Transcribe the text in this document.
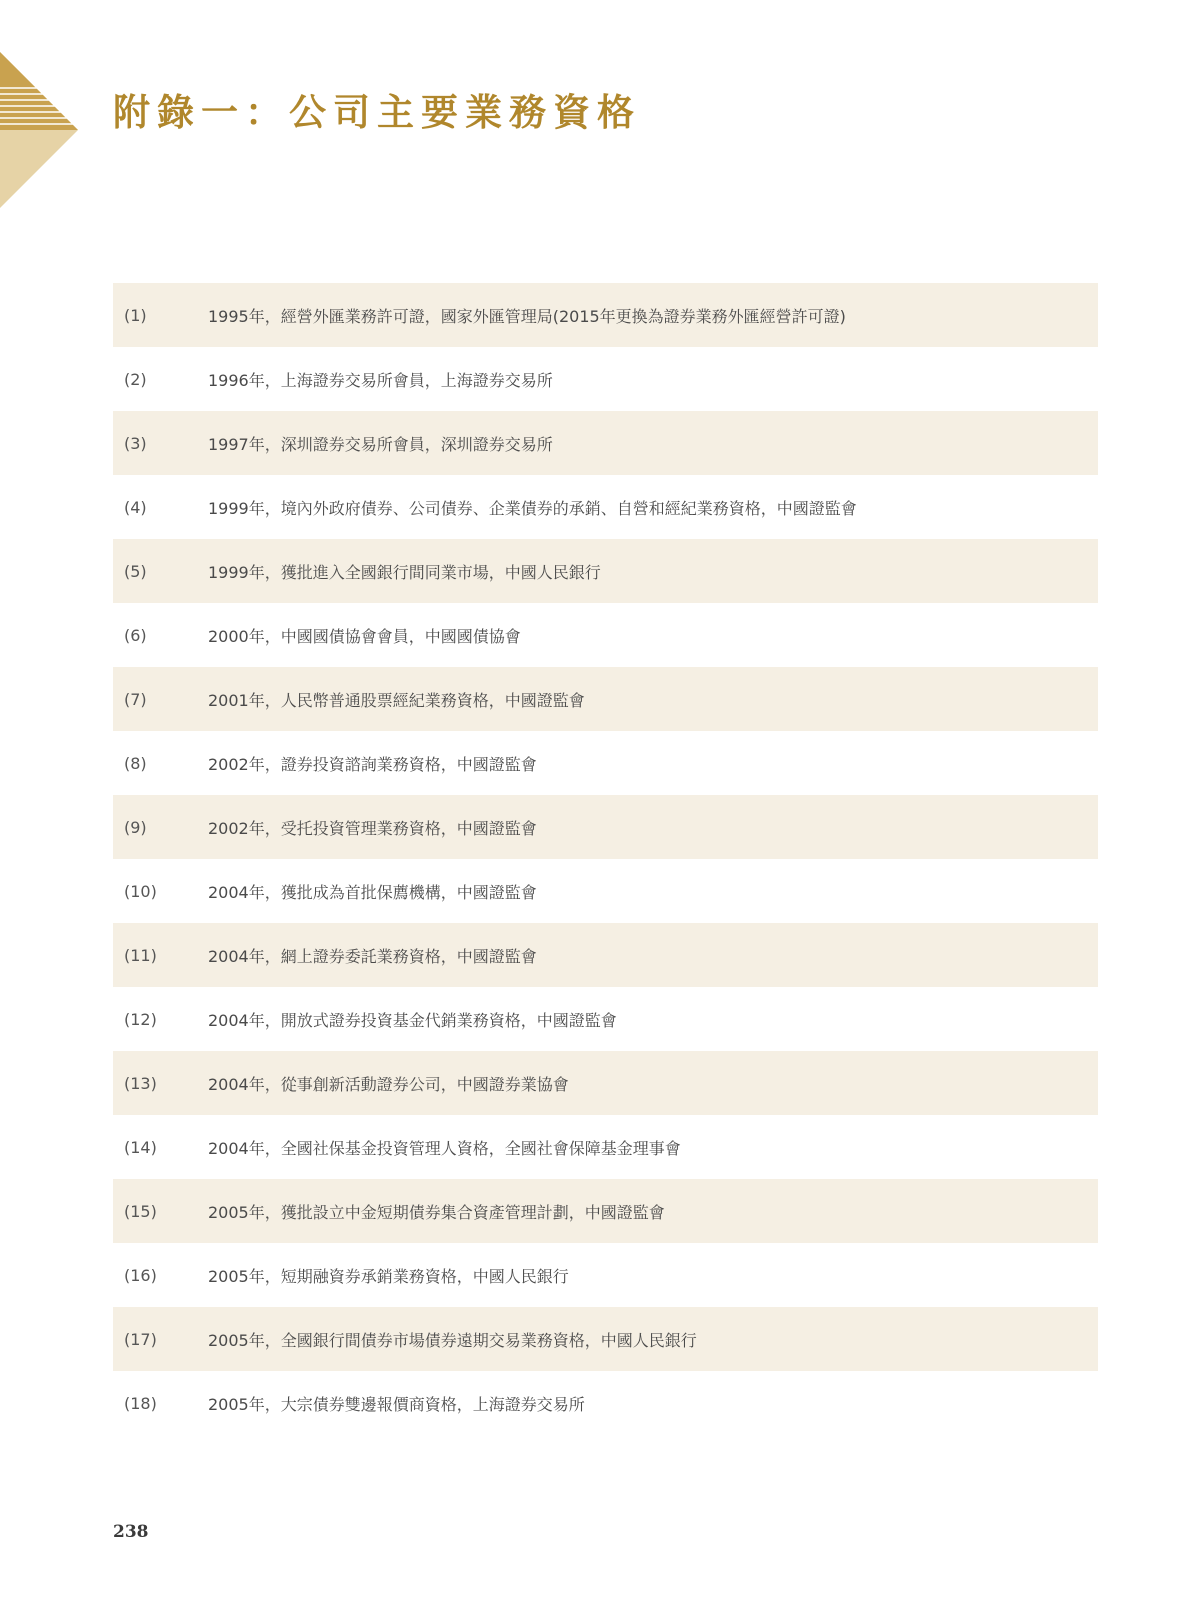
附錄一：公司主要業務資格
(1)	1995年，經營外匯業務許可證，國家外匯管理局(2015年更換為證券業務外匯經營許可證)
(2)	1996年，上海證券交易所會員，上海證券交易所
(3)	1997年，深圳證券交易所會員，深圳證券交易所
(4)	1999年，境內外政府債券、公司債券、企業債券的承銷、自營和經紀業務資格，中國證監會
(5)	1999年，獲批進入全國銀行間同業市場，中國人民銀行
(6)	2000年，中國國債協會會員，中國國債協會
(7)	2001年，人民幣普通股票經紀業務資格，中國證監會
(8)	2002年，證券投資諮詢業務資格，中國證監會
(9)	2002年，受托投資管理業務資格，中國證監會
(10)	2004年，獲批成為首批保薦機構，中國證監會
(11)	2004年，網上證券委託業務資格，中國證監會
(12)	2004年，開放式證券投資基金代銷業務資格，中國證監會
(13)	2004年，從事創新活動證券公司，中國證券業協會
(14)	2004年，全國社保基金投資管理人資格，全國社會保障基金理事會
(15)	2005年，獲批設立中金短期債券集合資產管理計劃，中國證監會
(16)	2005年，短期融資券承銷業務資格，中國人民銀行
(17)	2005年，全國銀行間債券市場債券遠期交易業務資格，中國人民銀行
(18)	2005年，大宗債券雙邊報價商資格，上海證券交易所
238
